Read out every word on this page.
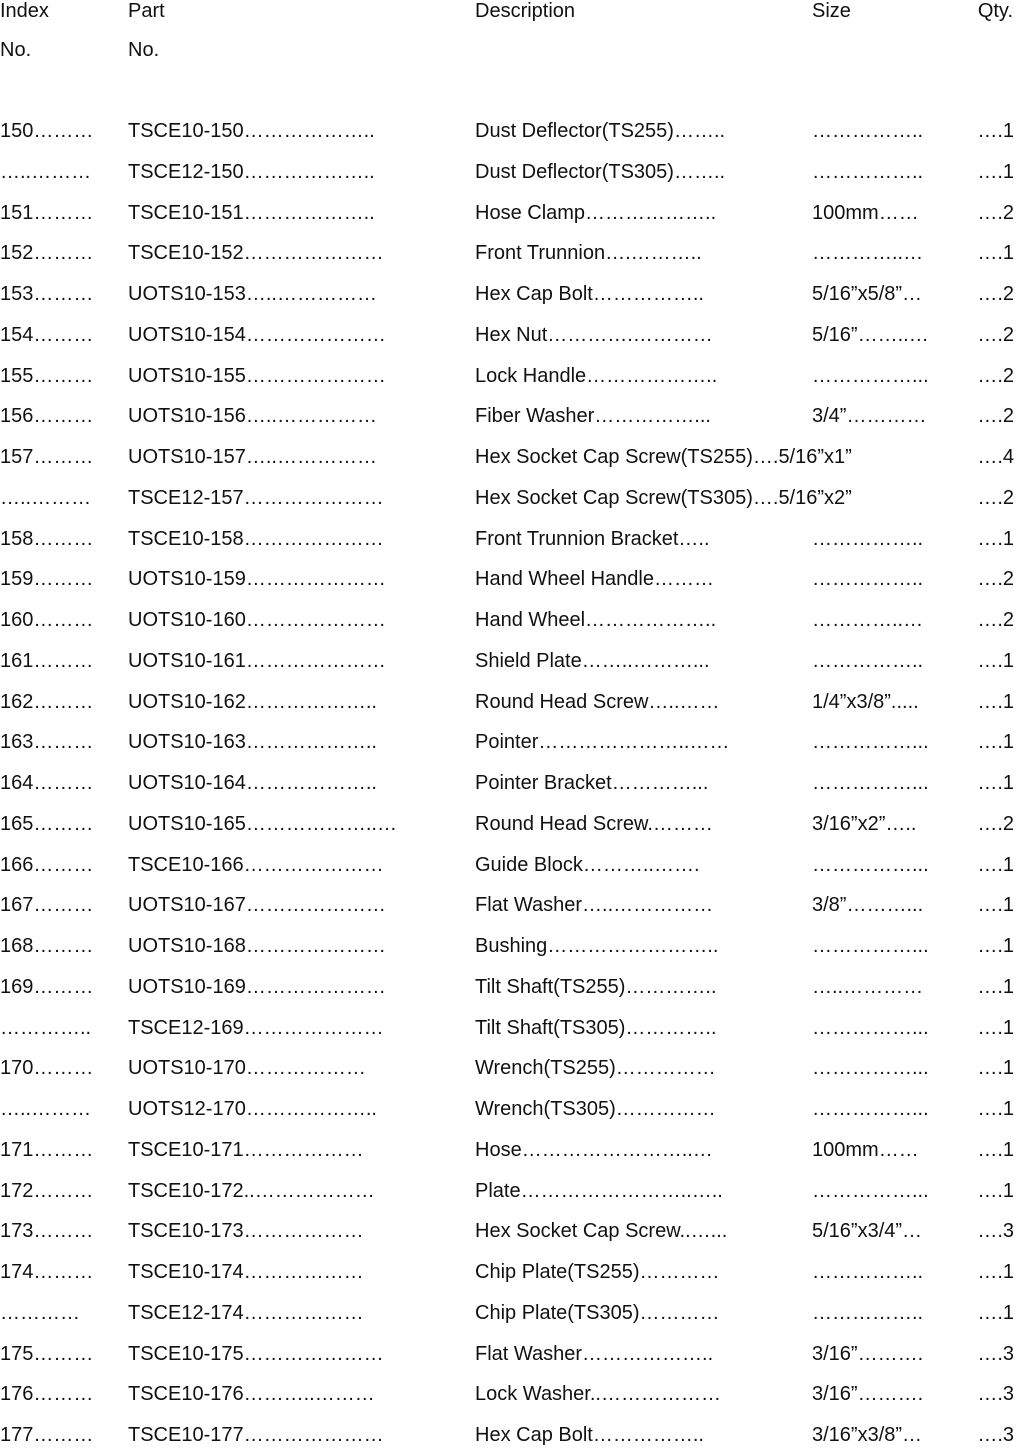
Index	Part	Description	Size	Qty.
No.	No.
150……… TSCE10-150………………..	Dust Deflector(TS255)……..	……………..	….1
…..……… TSCE12-150………………..	Dust Deflector(TS305)……..	……………..	….1
151……… TSCE10-151………………..	Hose Clamp………………..	100mm……	….2
152……… TSCE10-152…………………	Front Trunnion….………..	…………..…	….1
153……… UOTS10-153…..……………	Hex Cap Bolt……………..	5/16”x5/8”…	….2
154……… UOTS10-154…………………	Hex Nut………….…………	5/16”……..… ….2
155……… UOTS10-155…………………	Lock Handle………………..	……………... ….2
156……… UOTS10-156…..……………	Fiber Washer……………...	3/4”…………	….2
157……… UOTS10-157…..……………	Hex Socket Cap Screw(TS255)….5/16”x1”	….4
…..……… TSCE12-157…………………	Hex Socket Cap Screw(TS305)….5/16”x2”	….2
158……… TSCE10-158…………………	Front Trunnion Bracket…..	……………..	….1
159……… UOTS10-159…………………	Hand Wheel Handle………	……………..	….2
160……… UOTS10-160…………………	Hand Wheel………………..	…………..…	….2
161……… UOTS10-161…………………	Shield Plate……..………...	……………..	….1
162……… UOTS10-162………………..	Round Head Screw…..……	1/4”x3/8”.....	….1
163……… UOTS10-163………………..	Pointer…………………..……	……………... ….1
164……… UOTS10-164………………..	Pointer Bracket…………...	……………... ….1
165……… UOTS10-165………………..…	Round Head Screw.………	3/16”x2”…..	….2
166……… TSCE10-166…………………	Guide Block………..…….	……………... ….1
167……… UOTS10-167…………………	Flat Washer…..……………	3/8”………...	….1
168……… UOTS10-168…………………	Bushing……………………..	……………... ….1
169……… UOTS10-169…………………	Tilt Shaft(TS255)…………..	…..…………	….1
………….. TSCE12-169…………………	Tilt Shaft(TS305)…………..	……………... ….1
170……… UOTS10-170………………	Wrench(TS255)……………	……………... ….1
…..……… UOTS12-170………………..	Wrench(TS305)……………	……………... ….1
171……… TSCE10-171………………	Hose……………………..…	100mm……	….1
172……… TSCE10-172..………………	Plate……………………..…..	……………... ….1
173……… TSCE10-173………………	Hex Socket Cap Screw..…...	5/16”x3/4”…	….3
174……… TSCE10-174………………	Chip Plate(TS255)…………	……………..	….1
………… TSCE12-174………………	Chip Plate(TS305)…………	……………..	….1
175……… TSCE10-175…………………	Flat Washer………………..	3/16”……….	….3
176……… TSCE10-176………..………	Lock Washer..………………	3/16”……….	….3
177……… TSCE10-177…………………	Hex Cap Bolt……………..	3/16”x3/8”…	….3
